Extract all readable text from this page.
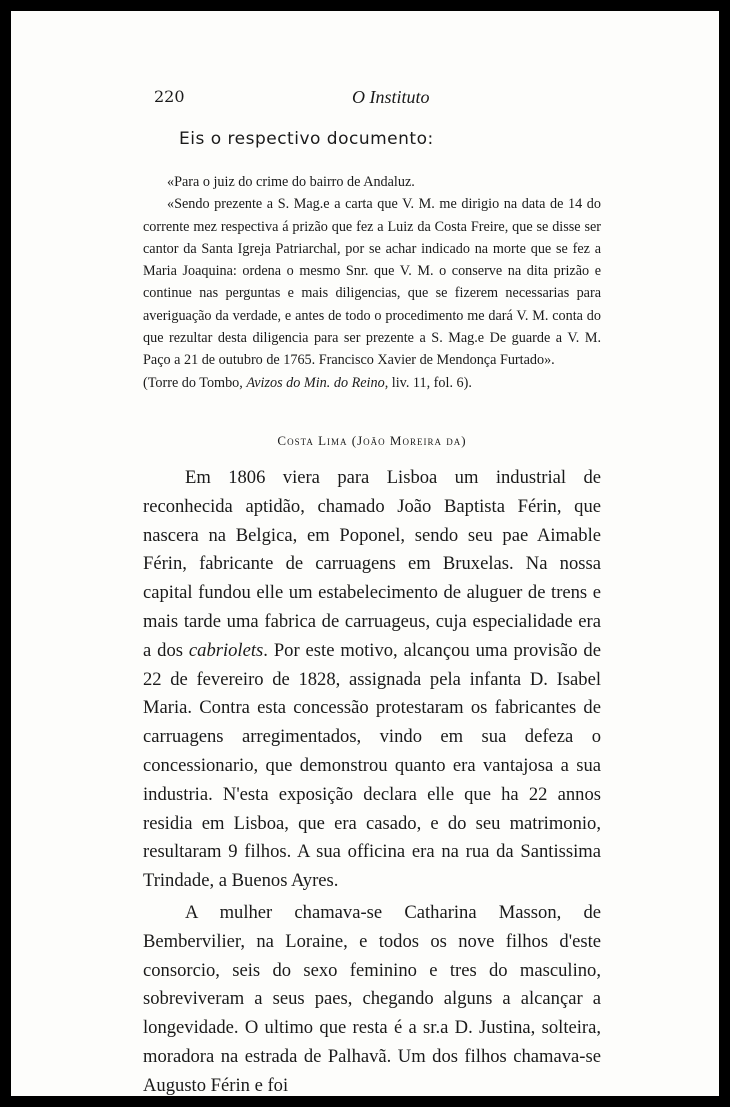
220	O Instituto
Eis o respectivo documento:

«Para o juiz do crime do bairro de Andaluz.

«Sendo prezente a S. Mag.e a carta que V. M. me dirigio na data de 14 do corrente mez respectiva á prizão que fez a Luiz da Costa Freire, que se disse ser cantor da Santa Igreja Patriarchal, por se achar indicado na morte que se fez a Maria Joaquina: ordena o mesmo Snr. que V. M. o conserve na dita prizão e continue nas perguntas e mais diligencias, que se fizerem necessarias para averiguação da verdade, e antes de todo o procedimento me dará V. M. conta do que rezultar desta diligencia para ser prezente a S. Mag.e De guarde a V. M. Paço a 21 de outubro de 1765. Francisco Xavier de Mendonça Furtado».

(Torre do Tombo, Avizos do Min. do Reino, liv. 11, fol. 6).

Costa Lima (João Moreira da)

Em 1806 viera para Lisboa um industrial de reconhecida aptidão, chamado João Baptista Férin, que nascera na Belgica, em Poponel, sendo seu pae Aimable Férin, fabricante de carruagens em Bruxelas. Na nossa capital fundou elle um estabelecimento de aluguer de trens e mais tarde uma fabrica de carruageus, cuja especialidade era a dos cabriolets. Por este motivo, alcançou uma provisão de 22 de fevereiro de 1828, assignada pela infanta D. Isabel Maria. Contra esta concessão protestaram os fabricantes de carruagens arregimentados, vindo em sua defeza o concessionario, que demonstrou quanto era vantajosa a sua industria. N'esta exposição declara elle que ha 22 annos residia em Lisboa, que era casado, e do seu matrimonio, resultaram 9 filhos. A sua officina era na rua da Santissima Trindade, a Buenos Ayres.

A mulher chamava-se Catharina Masson, de Bembervilier, na Loraine, e todos os nove filhos d'este consorcio, seis do sexo feminino e tres do masculino, sobreviveram a seus paes, chegando alguns a alcançar a longevidade. O ultimo que resta é a sr.a D. Justina, solteira, moradora na estrada de Palhavã. Um dos filhos chamava-se Augusto Férin e foi
